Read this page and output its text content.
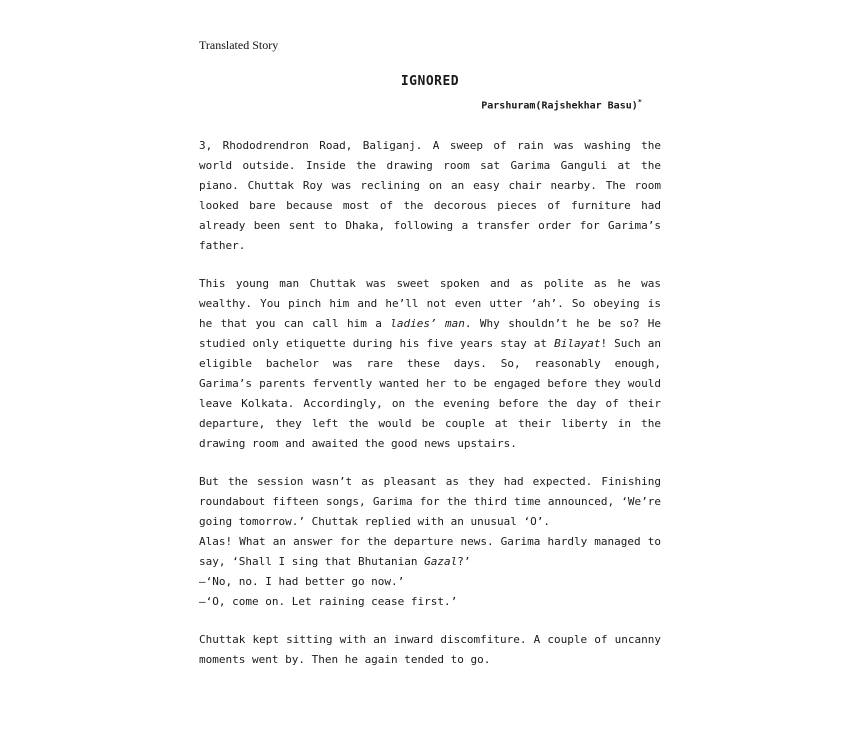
Translated Story
IGNORED
Parshuram(Rajshekhar Basu)*

3, Rhododrendron Road, Baliganj. A sweep of rain was washing the world outside. Inside the drawing room sat Garima Ganguli at the piano. Chuttak Roy was reclining on an easy chair nearby. The room looked bare because most of the decorous pieces of furniture had already been sent to Dhaka, following a transfer order for Garima’s father.

This young man Chuttak was sweet spoken and as polite as he was wealthy. You pinch him and he’ll not even utter ‘ah’. So obeying is he that you can call him a ladies’ man. Why shouldn’t he be so? He studied only etiquette during his five years stay at Bilayat! Such an eligible bachelor was rare these days. So, reasonably enough, Garima’s parents fervently wanted her to be engaged before they would leave Kolkata. Accordingly, on the evening before the day of their departure, they left the would be couple at their liberty in the drawing room and awaited the good news upstairs.

But the session wasn’t as pleasant as they had expected. Finishing roundabout fifteen songs, Garima for the third time announced, ‘We’re going tomorrow.’ Chuttak replied with an unusual ‘O’.

Alas! What an answer for the departure news. Garima hardly managed to say, ‘Shall I sing that Bhutanian Gazal?’

—‘No, no. I had better go now.’

—‘O, come on. Let raining cease first.’

Chuttak kept sitting with an inward discomfiture. A couple of uncanny moments went by. Then he again tended to go.
